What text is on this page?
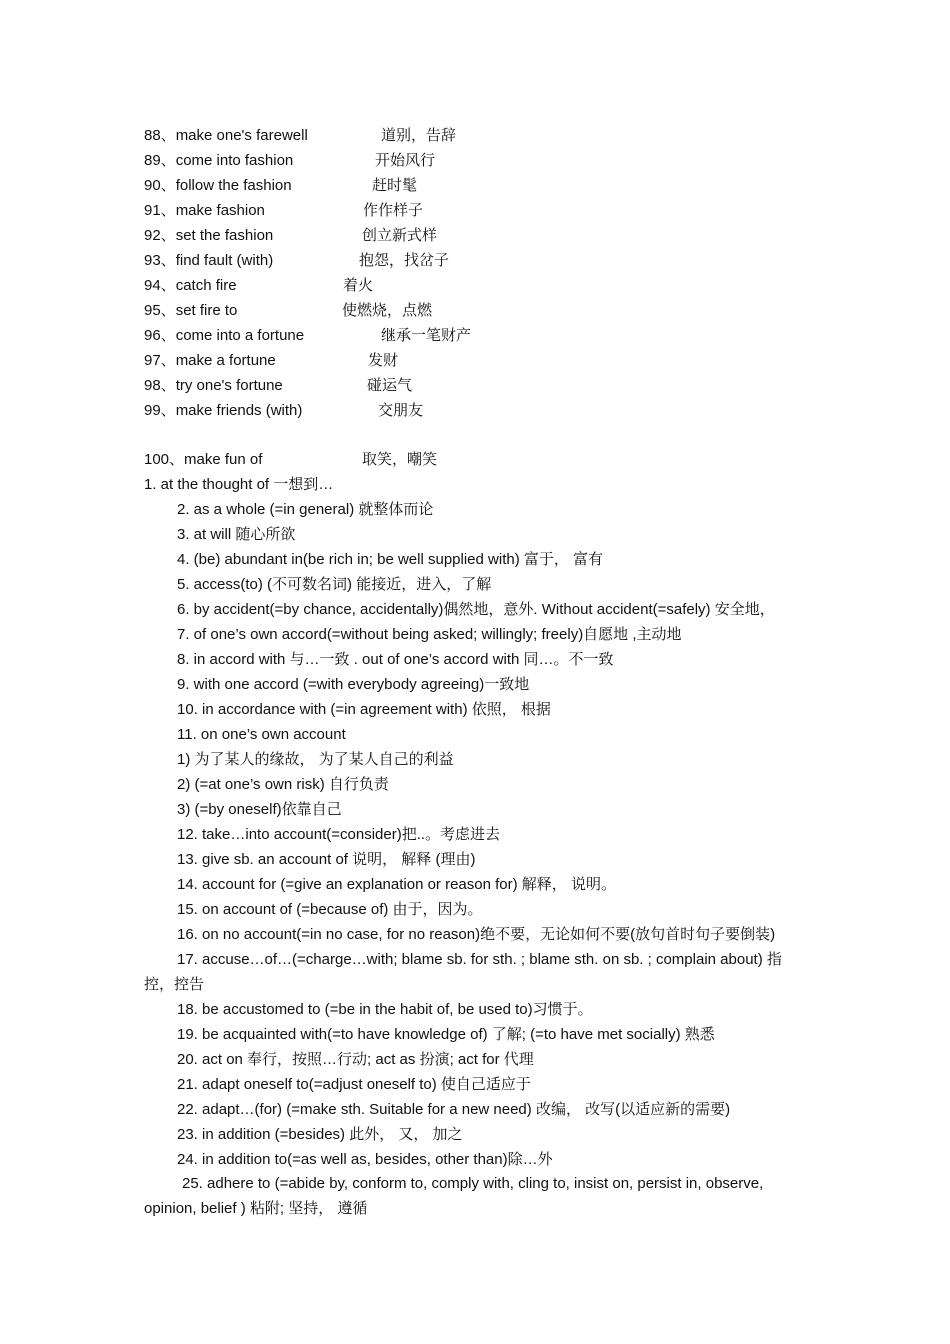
88、make one's farewell	道别，告辞
89、come into fashion	开始风行
90、follow the fashion	赶时髦
91、make fashion	作作样子
92、set the fashion	创立新式样
93、find fault (with)	抱怨，找岔子
94、catch fire	着火
95、set fire to	使燃烧，点燃
96、come into a fortune	继承一笔财产
97、make a fortune	发财
98、try one's fortune	碰运气
99、make friends (with)	交朋友
100、make fun of	取笑，嘲笑
1. at the thought of 一想到…
2. as a whole (=in general) 就整体而论
3. at will 随心所欲
4. (be) abundant in(be rich in; be well supplied with) 富于， 富有
5. access(to) (不可数名词) 能接近，进入，了解
6. by accident(=by chance, accidentally)偶然地，意外. Without accident(=safely) 安全地，
7. of one’s own accord(=without being asked; willingly; freely)自愿地 ,主动地
8. in accord with 与…一致 . out of one’s accord with 同…。不一致
9. with one accord (=with everybody agreeing)一致地
10. in accordance with (=in agreement with) 依照， 根据
11. on one’s own account
1) 为了某人的缘故， 为了某人自己的利益
2) (=at one’s own risk) 自行负责
3) (=by oneself)依靠自己
12. take…into account(=consider)把..。考虑进去
13. give sb. an account of 说明， 解释 (理由)
14. account for (=give an explanation or reason for) 解释， 说明。
15. on account of (=because of) 由于，因为。
16. on no account(=in no case, for no reason)绝不要，无论如何不要(放句首时句子要倒装)
17. accuse…of…(=charge…with; blame sb. for sth. ; blame sth. on sb. ; complain about) 指
控，控告
18. be accustomed to (=be in the habit of, be used to)习惯于。
19. be acquainted with(=to have knowledge of) 了解; (=to have met socially) 熟悉
20. act on 奉行，按照…行动; act as 扮演; act for 代理
21. adapt oneself to(=adjust oneself to) 使自己适应于
22. adapt…(for) (=make sth. Suitable for a new need) 改编， 改写(以适应新的需要)
23. in addition (=besides) 此外， 又， 加之
24. in addition to(=as well as, besides, other than)除…外
25. adhere to (=abide by, conform to, comply with, cling to, insist on, persist in, observe,
opinion, belief ) 粘附; 坚持， 遵循
